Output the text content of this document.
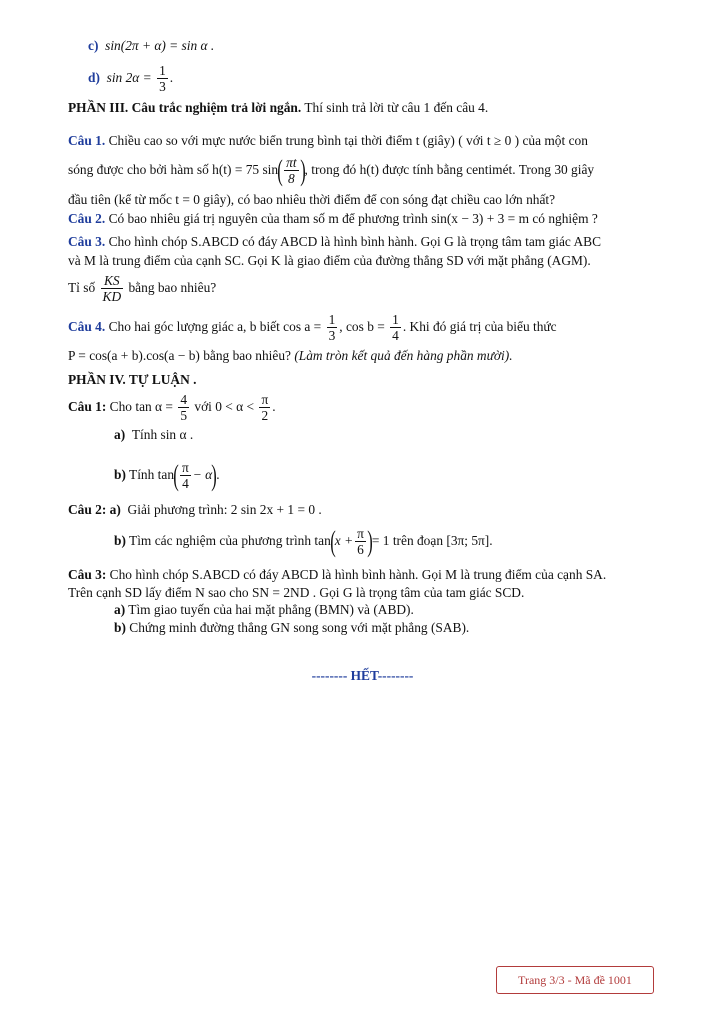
c) sin(2π + α) = sin α .
d) $\sin 2\alpha = \frac{1}{3}$ .
PHẦN III. Câu trắc nghiệm trả lời ngắn. Thí sinh trả lời từ câu 1 đến câu 4.
Câu 1. Chiều cao so với mực nước biển trung bình tại thời điểm t (giây) ( với t ≥ 0 ) của một con
sóng được cho bởi hàm số h(t) = 75 $\sin( \frac{\pi t}{8}$ ), trong đó h(t) được tính bằng centimét. Trong 30 giây
đầu tiên (kể từ mốc t = 0 giây), có bao nhiêu thời điểm để con sóng đạt chiều cao lớn nhất?
Câu 2. Có bao nhiêu giá trị nguyên của tham số m để phương trình sin(x − 3) + 3 = m có nghiệm ?
Câu 3. Cho hình chóp S.ABCD có đáy ABCD là hình bình hành. Gọi G là trọng tâm tam giác ABC
và M là trung điểm của cạnh SC. Gọi K là giao điểm của đường thẳng SD với mặt phẳng (AGM).
Tỉ số $\frac{KS}{KD}$ bằng bao nhiêu?
Câu 4. Cho hai góc lượng giác a, b biết $\cos a = \frac{1}{3}$ , $\cos b = \frac{1}{4}$ . Khi đó giá trị của biểu thức
P = cos(a + b).cos(a − b) bằng bao nhiêu? (Làm tròn kết quả đến hàng phần mười).
PHẦN IV. TỰ LUẬN .
Câu 1: Cho $\tan \alpha = \frac{4}{5}$ với $0 < \alpha < \frac{\pi}{2}$ .
a) Tính sin α .
b) Tính $\tan( \frac{\pi}{4} - \alpha)$.
Câu 2: a) Giải phương trình: 2 sin 2x + 1 = 0 .
b) Tìm các nghiệm của phương trình $\tan(x + \frac{\pi}{6}$ )= 1 trên đoạn [3π; 5π].
Câu 3: Cho hình chóp S.ABCD có đáy ABCD là hình bình hành. Gọi M là trung điểm của cạnh SA.
Trên cạnh SD lấy điểm N sao cho SN = 2ND . Gọi G là trọng tâm của tam giác SCD.
a) Tìm giao tuyến của hai mặt phẳng (BMN) và (ABD).
b) Chứng minh đường thẳng GN song song với mặt phẳng (SAB).
-------- HẾT--------
Trang 3/3 - Mã đề 1001
